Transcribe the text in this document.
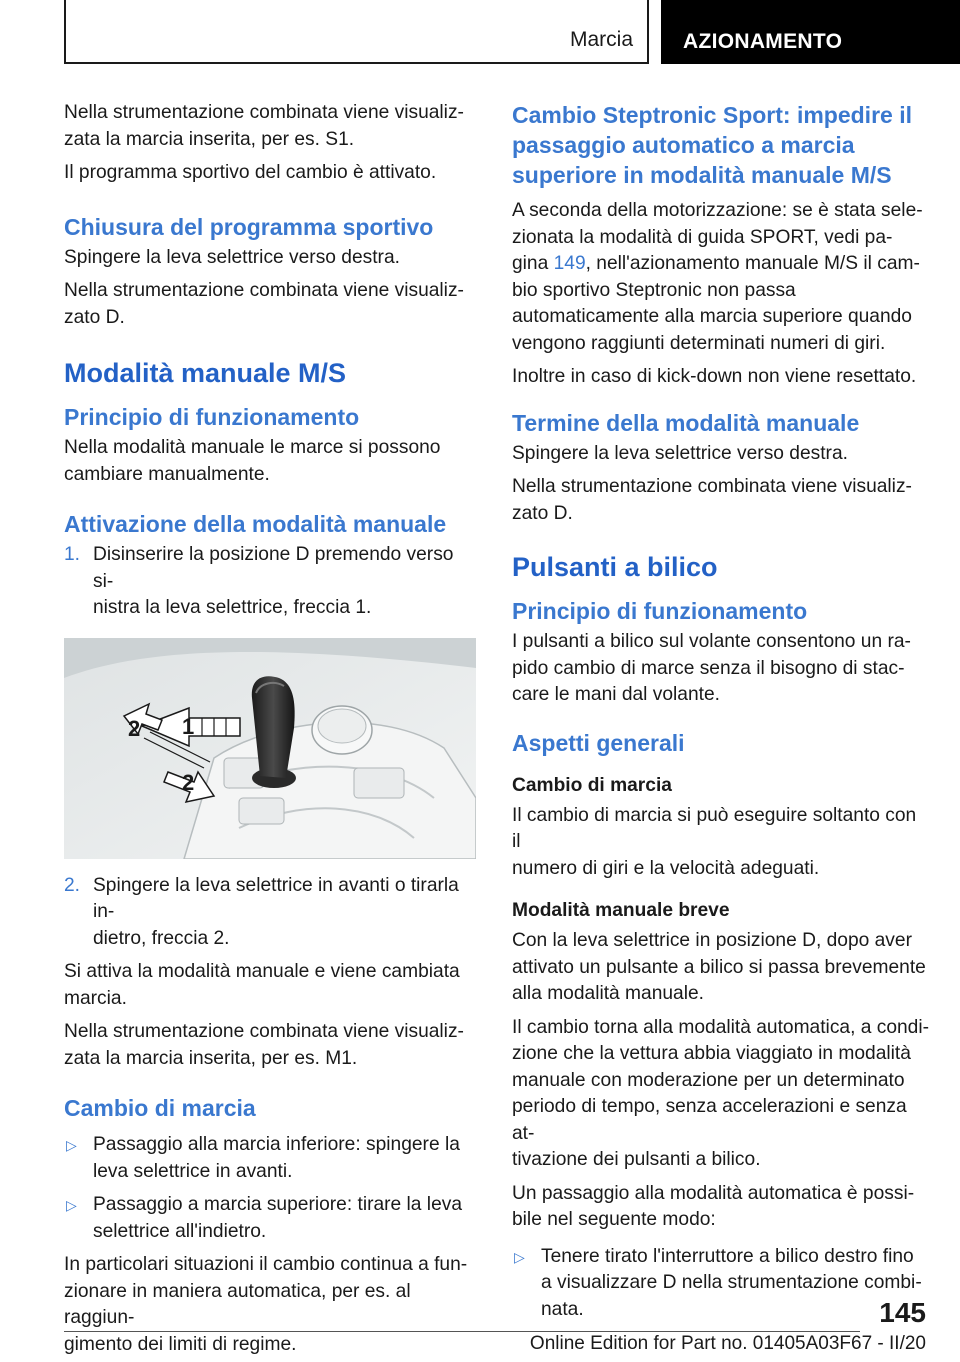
Marcia AZIONAMENTO

Nella strumentazione combinata viene visualiz-
zata la marcia inserita, per es. S1.

Il programma sportivo del cambio è attivato.

Chiusura del programma sportivo

Spingere la leva selettrice verso destra.

Nella strumentazione combinata viene visualiz-
zato D.

Modalità manuale M/S
Principio di funzionamento

Nella modalità manuale le marce si possono
cambiare manualmente.

Attivazione della modalità manuale
1. Disinserire la posizione D premendo verso si-
nistra la leva selettrice, freccia 1.
1
2
2
2. Spingere la leva selettrice in avanti o tirarla in-
dietro, freccia 2.

Si attiva la modalità manuale e viene cambiata
marcia.

Nella strumentazione combinata viene visualiz-
zata la marcia inserita, per es. M1.

Cambio di marcia
▷ Passaggio alla marcia inferiore: spingere la
leva selettrice in avanti.
▷ Passaggio a marcia superiore: tirare la leva
selettrice all'indietro.

In particolari situazioni il cambio continua a fun-
zionare in maniera automatica, per es. al raggiun-
gimento dei limiti di regime.

Cambio Steptronic Sport: impedire il
passaggio automatico a marcia
superiore in modalità manuale M/S

A seconda della motorizzazione: se è stata sele-
zionata la modalità di guida SPORT, vedi pa-
gina 149, nell'azionamento manuale M/S il cam-
bio sportivo Steptronic non passa
automaticamente alla marcia superiore quando
vengono raggiunti determinati numeri di giri.

Inoltre in caso di kick-down non viene resettato.

Termine della modalità manuale

Spingere la leva selettrice verso destra.

Nella strumentazione combinata viene visualiz-
zato D.

Pulsanti a bilico
Principio di funzionamento

I pulsanti a bilico sul volante consentono un ra-
pido cambio di marce senza il bisogno di stac-
care le mani dal volante.

Aspetti generali
Cambio di marcia

Il cambio di marcia si può eseguire soltanto con il
numero di giri e la velocità adeguati.

Modalità manuale breve

Con la leva selettrice in posizione D, dopo aver
attivato un pulsante a bilico si passa brevemente
alla modalità manuale.

Il cambio torna alla modalità automatica, a condi-
zione che la vettura abbia viaggiato in modalità
manuale con moderazione per un determinato
periodo di tempo, senza accelerazioni e senza at-
tivazione dei pulsanti a bilico.

Un passaggio alla modalità automatica è possi-
bile nel seguente modo:

▷ Tenere tirato l'interruttore a bilico destro fino
a visualizzare D nella strumentazione combi-
nata.	145
Online Edition for Part no. 01405A03F67 - II/20
